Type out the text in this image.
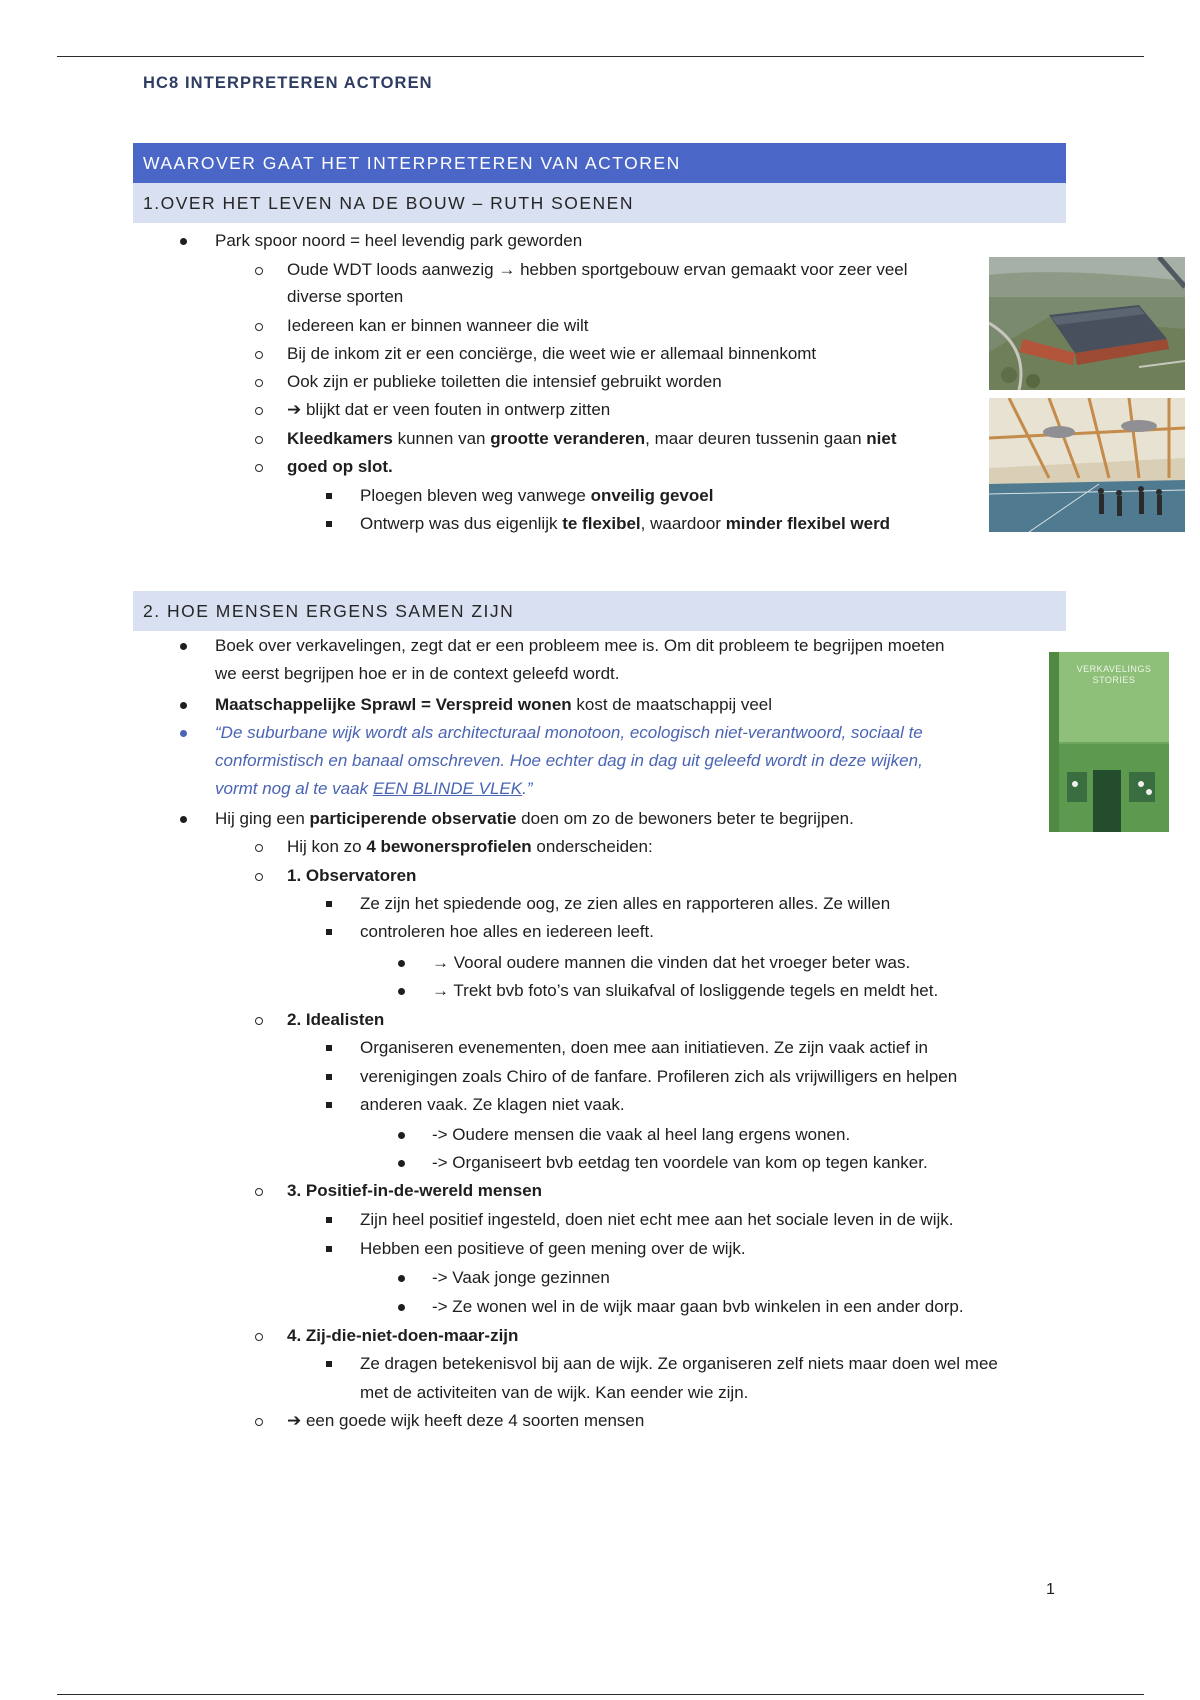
HC8 INTERPRETEREN ACTOREN
WAAROVER GAAT HET INTERPRETEREN VAN ACTOREN
1.OVER HET LEVEN NA DE BOUW – RUTH SOENEN
Park spoor noord = heel levendig park geworden
Oude WDT loods aanwezig → hebben sportgebouw ervan gemaakt voor zeer veel
diverse sporten
Iedereen kan er binnen wanneer die wilt
Bij de inkom zit er een conciërge, die weet wie er allemaal binnenkomt
Ook zijn er publieke toiletten die intensief gebruikt worden
➔ blijkt dat er veen fouten in ontwerp zitten
Kleedkamers kunnen van grootte veranderen, maar deuren tussenin gaan niet
goed op slot.
Ploegen bleven weg vanwege onveilig gevoel
Ontwerp was dus eigenlijk te flexibel, waardoor minder flexibel werd
2. HOE MENSEN ERGENS SAMEN ZIJN
Boek over verkavelingen, zegt dat er een probleem mee is. Om dit probleem te begrijpen moeten
we eerst begrijpen hoe er in de context geleefd wordt.
Maatschappelijke Sprawl = Verspreid wonen kost de maatschappij veel
“De suburbane wijk wordt als architecturaal monotoon, ecologisch niet-verantwoord, sociaal te
conformistisch en banaal omschreven. Hoe echter dag in dag uit geleefd wordt in deze wijken,
vormt nog al te vaak EEN BLINDE VLEK.”
Hij ging een participerende observatie doen om zo de bewoners beter te begrijpen.
Hij kon zo 4 bewonersprofielen onderscheiden:
1. Observatoren
Ze zijn het spiedende oog, ze zien alles en rapporteren alles. Ze willen
controleren hoe alles en iedereen leeft.
→ Vooral oudere mannen die vinden dat het vroeger beter was.
→ Trekt bvb foto’s van sluikafval of losliggende tegels en meldt het.
2. Idealisten
Organiseren evenementen, doen mee aan initiatieven. Ze zijn vaak actief in
verenigingen zoals Chiro of de fanfare. Profileren zich als vrijwilligers en helpen
anderen vaak. Ze klagen niet vaak.
-> Oudere mensen die vaak al heel lang ergens wonen.
-> Organiseert bvb eetdag ten voordele van kom op tegen kanker.
3. Positief-in-de-wereld mensen
Zijn heel positief ingesteld, doen niet echt mee aan het sociale leven in de wijk.
Hebben een positieve of geen mening over de wijk.
-> Vaak jonge gezinnen
-> Ze wonen wel in de wijk maar gaan bvb winkelen in een ander dorp.
4. Zij-die-niet-doen-maar-zijn
Ze dragen betekenisvol bij aan de wijk. Ze organiseren zelf niets maar doen wel mee
met de activiteiten van de wijk. Kan eender wie zijn.
➔ een goede wijk heeft deze 4 soorten mensen
VERKAVELINGS
STORIES
1
